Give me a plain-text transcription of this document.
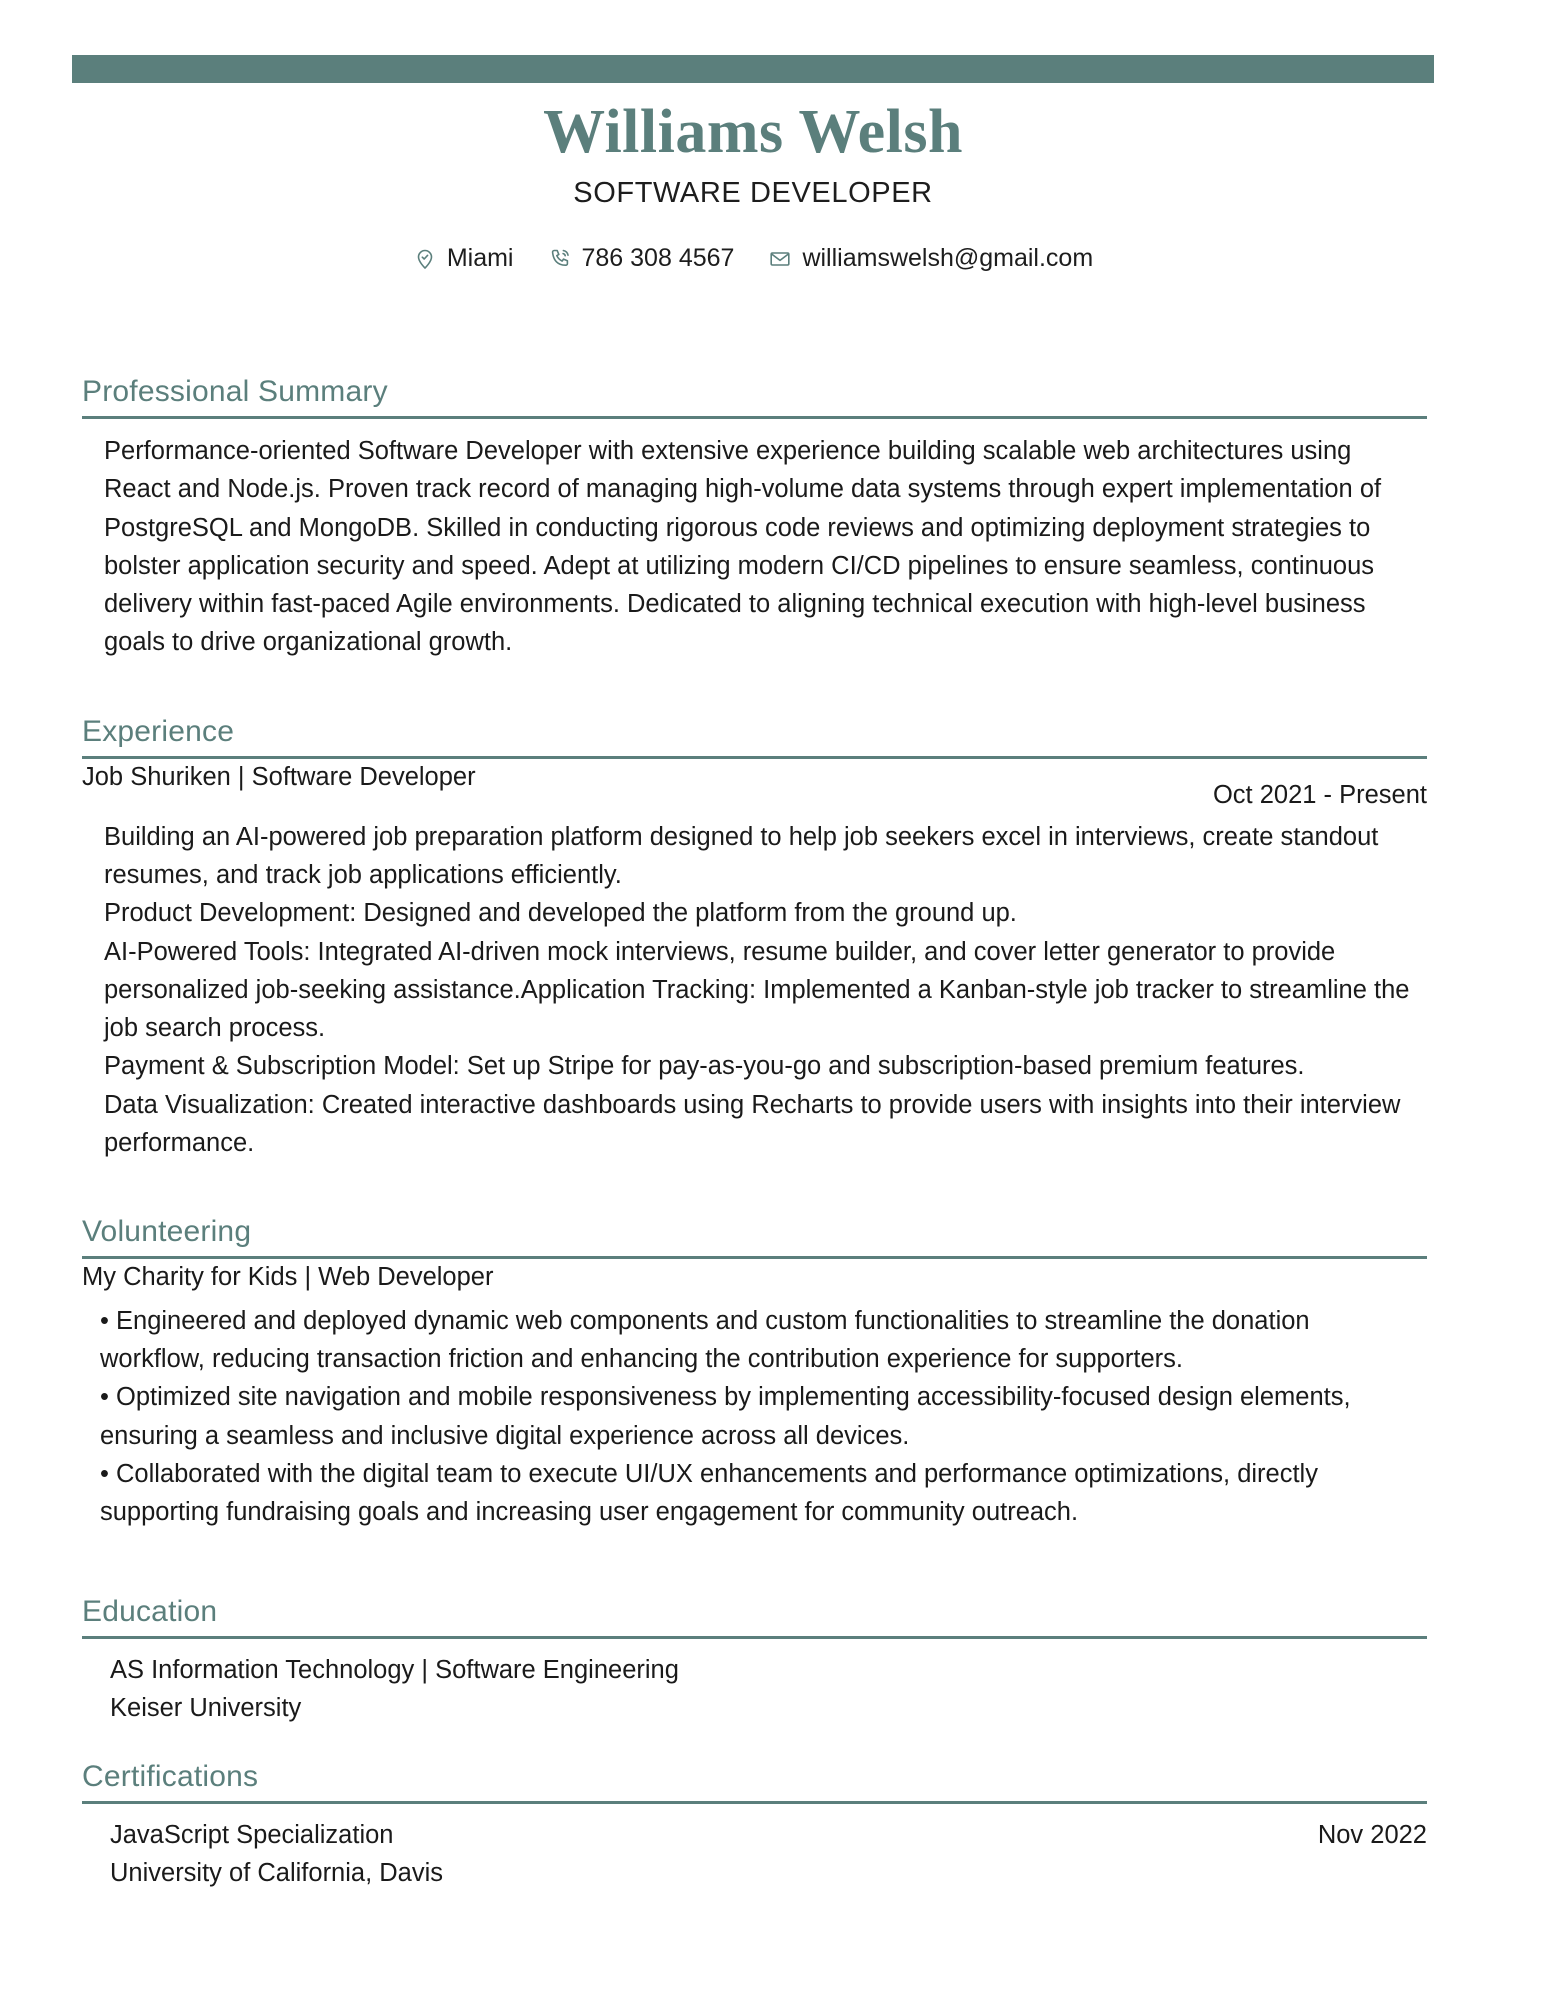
Williams Welsh
SOFTWARE DEVELOPER
Miami	786 308 4567	williamswelsh@gmail.com
Professional Summary
Performance-oriented Software Developer with extensive experience building scalable web architectures using React and Node.js. Proven track record of managing high-volume data systems through expert implementation of PostgreSQL and MongoDB. Skilled in conducting rigorous code reviews and optimizing deployment strategies to bolster application security and speed. Adept at utilizing modern CI/CD pipelines to ensure seamless, continuous delivery within fast-paced Agile environments. Dedicated to aligning technical execution with high-level business goals to drive organizational growth.
Experience
Job Shuriken | Software Developer
Oct 2021 - Present
Building an AI-powered job preparation platform designed to help job seekers excel in interviews, create standout resumes, and track job applications efficiently.
Product Development: Designed and developed the platform from the ground up.
AI-Powered Tools: Integrated AI-driven mock interviews, resume builder, and cover letter generator to provide personalized job-seeking assistance.Application Tracking: Implemented a Kanban-style job tracker to streamline the job search process.
Payment & Subscription Model: Set up Stripe for pay-as-you-go and subscription-based premium features.
Data Visualization: Created interactive dashboards using Recharts to provide users with insights into their interview performance.
Volunteering
My Charity for Kids | Web Developer
• Engineered and deployed dynamic web components and custom functionalities to streamline the donation workflow, reducing transaction friction and enhancing the contribution experience for supporters.
• Optimized site navigation and mobile responsiveness by implementing accessibility-focused design elements, ensuring a seamless and inclusive digital experience across all devices.
• Collaborated with the digital team to execute UI/UX enhancements and performance optimizations, directly supporting fundraising goals and increasing user engagement for community outreach.
Education
AS Information Technology | Software Engineering
Keiser University
Certifications
JavaScript Specialization
University of California, Davis
Nov 2022
